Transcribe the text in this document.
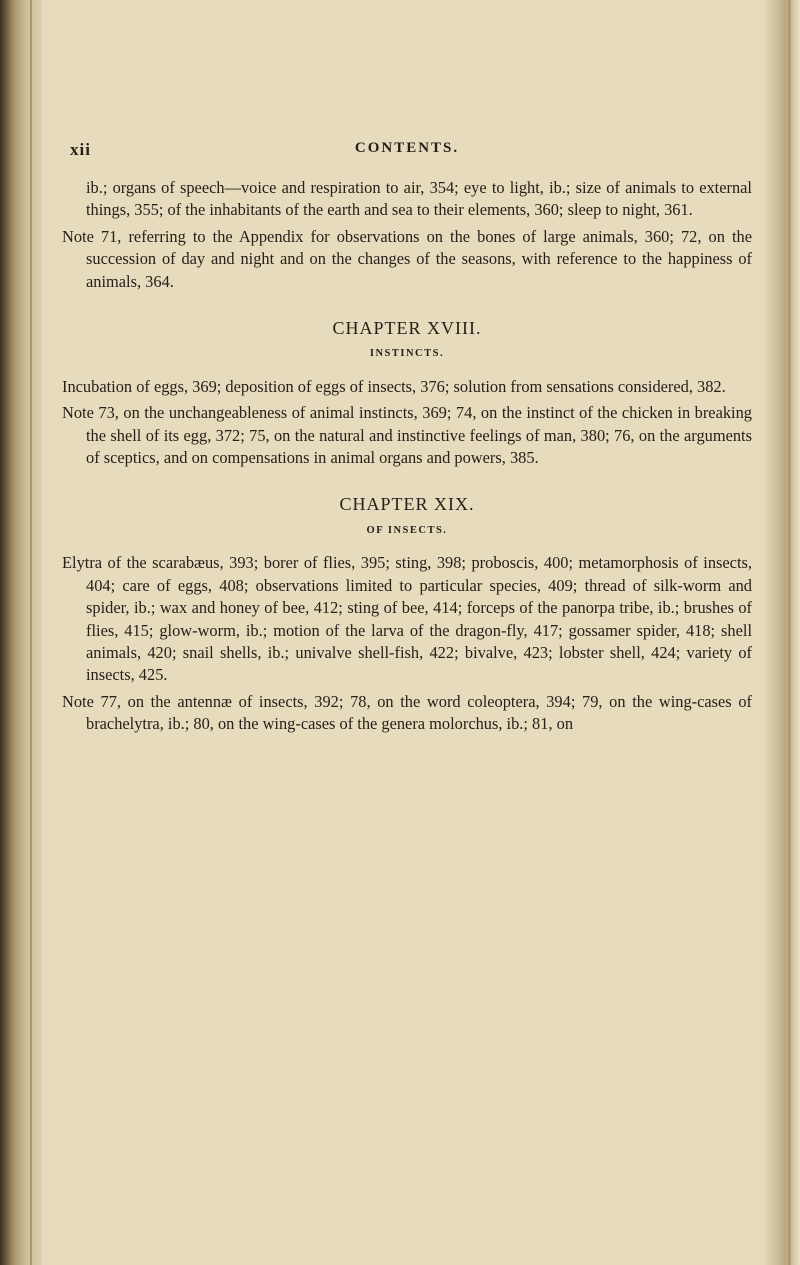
xii	CONTENTS.

ib.; organs of speech—voice and respiration to air, 354; eye to light, ib.; size of animals to external things, 355; of the inhabitants of the earth and sea to their elements, 360; sleep to night, 361.

Note 71, referring to the Appendix for observations on the bones of large animals, 360; 72, on the succession of day and night and on the changes of the seasons, with reference to the happiness of animals, 364.

CHAPTER XVIII.
INSTINCTS.

Incubation of eggs, 369; deposition of eggs of insects, 376; solution from sensations considered, 382.

Note 73, on the unchangeableness of animal instincts, 369; 74, on the instinct of the chicken in breaking the shell of its egg, 372; 75, on the natural and instinctive feelings of man, 380; 76, on the arguments of sceptics, and on compensations in animal organs and powers, 385.

CHAPTER XIX.
OF INSECTS.

Elytra of the scarabæus, 393; borer of flies, 395; sting, 398; proboscis, 400; metamorphosis of insects, 404; care of eggs, 408; observations limited to particular species, 409; thread of silk-worm and spider, ib.; wax and honey of bee, 412; sting of bee, 414; forceps of the panorpa tribe, ib.; brushes of flies, 415; glow-worm, ib.; motion of the larva of the dragon-fly, 417; gossamer spider, 418; shell animals, 420; snail shells, ib.; univalve shell-fish, 422; bivalve, 423; lobster shell, 424; variety of insects, 425.

Note 77, on the antennæ of insects, 392; 78, on the word coleoptera, 394; 79, on the wing-cases of brachelytra, ib.; 80, on the wing-cases of the genera molorchus, ib.; 81, on
